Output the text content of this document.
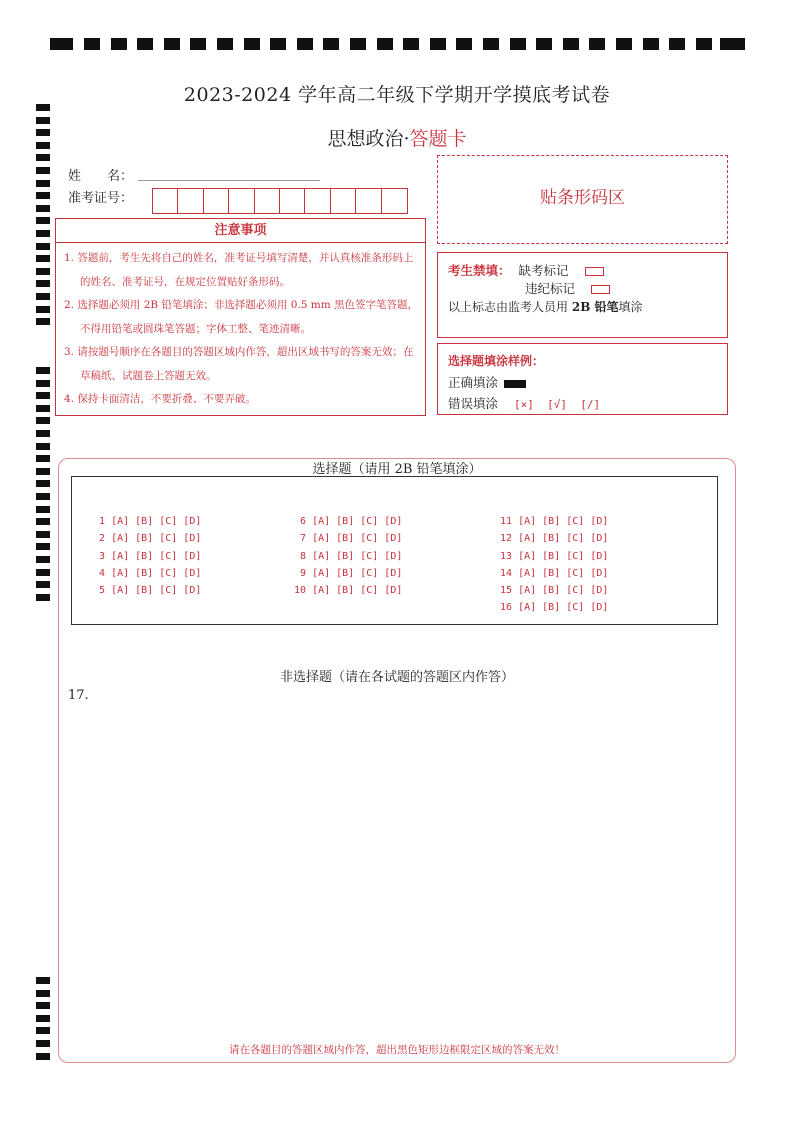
2023-2024 学年高二年级下学期开学摸底考试卷
思想政治·答题卡
姓　　名：
准考证号：
注意事项

1. 答题前，考生先将自己的姓名，准考证号填写清楚，并认真核准条形码上的姓名、准考证号，在规定位置贴好条形码。

2. 选择题必须用 2B 铅笔填涂；非选择题必须用 0.5 mm 黑色签字笔答题，不得用铅笔或圆珠笔答题；字体工整、笔迹清晰。

3. 请按题号顺序在各题目的答题区域内作答，超出区域书写的答案无效；在草稿纸、试题卷上答题无效。

4. 保持卡面清洁，不要折叠、不要弄破。

贴条形码区
考生禁填： 缺考标记
违纪标记
以上标志由监考人员用 2B 铅笔填涂
选择题填涂样例：
正确填涂
错误填涂 [×]  [√]  [/]
选择题（请用 2B 铅笔填涂）
1 [A] [B] [C] [D]
2 [A] [B] [C] [D]
3 [A] [B] [C] [D]
4 [A] [B] [C] [D]
5 [A] [B] [C] [D]
6 [A] [B] [C] [D]
7 [A] [B] [C] [D]
8 [A] [B] [C] [D]
9 [A] [B] [C] [D]
10 [A] [B] [C] [D]
11 [A] [B] [C] [D]
12 [A] [B] [C] [D]
13 [A] [B] [C] [D]
14 [A] [B] [C] [D]
15 [A] [B] [C] [D]
16 [A] [B] [C] [D]
非选择题（请在各试题的答题区内作答）
17.
请在各题目的答题区域内作答，超出黑色矩形边框限定区域的答案无效！
